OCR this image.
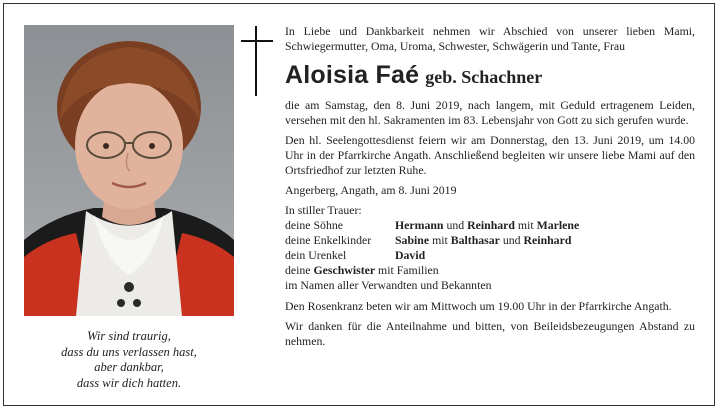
Wir sind traurig,
dass du uns verlassen hast,
aber dankbar,
dass wir dich hatten.

In Liebe und Dankbarkeit nehmen wir Abschied von unserer lieben Mami, Schwiegermutter, Oma, Uroma, Schwester, Schwägerin und Tante, Frau

Aloisia Faé geb. Schachner

die am Samstag, den 8. Juni 2019, nach langem, mit Geduld ertragenem Leiden, versehen mit den hl. Sakramenten im 83. Lebensjahr von Gott zu sich gerufen wurde.

Den hl. Seelengottesdienst feiern wir am Donnerstag, den 13. Juni 2019, um 14.00 Uhr in der Pfarrkirche Angath. Anschließend begleiten wir unsere liebe Mami auf den Ortsfriedhof zur letzten Ruhe.

Angerberg, Angath, am 8. Juni 2019

In stiller Trauer:
deine Söhne	Hermann und Reinhard mit Marlene
deine Enkelkinder	Sabine mit Balthasar und Reinhard
dein Urenkel	David
deine Geschwister mit Familien
im Namen aller Verwandten und Bekannten

Den Rosenkranz beten wir am Mittwoch um 19.00 Uhr in der Pfarrkirche Angath.

Wir danken für die Anteilnahme und bitten, von Beileidsbezeugungen Abstand zu nehmen.
